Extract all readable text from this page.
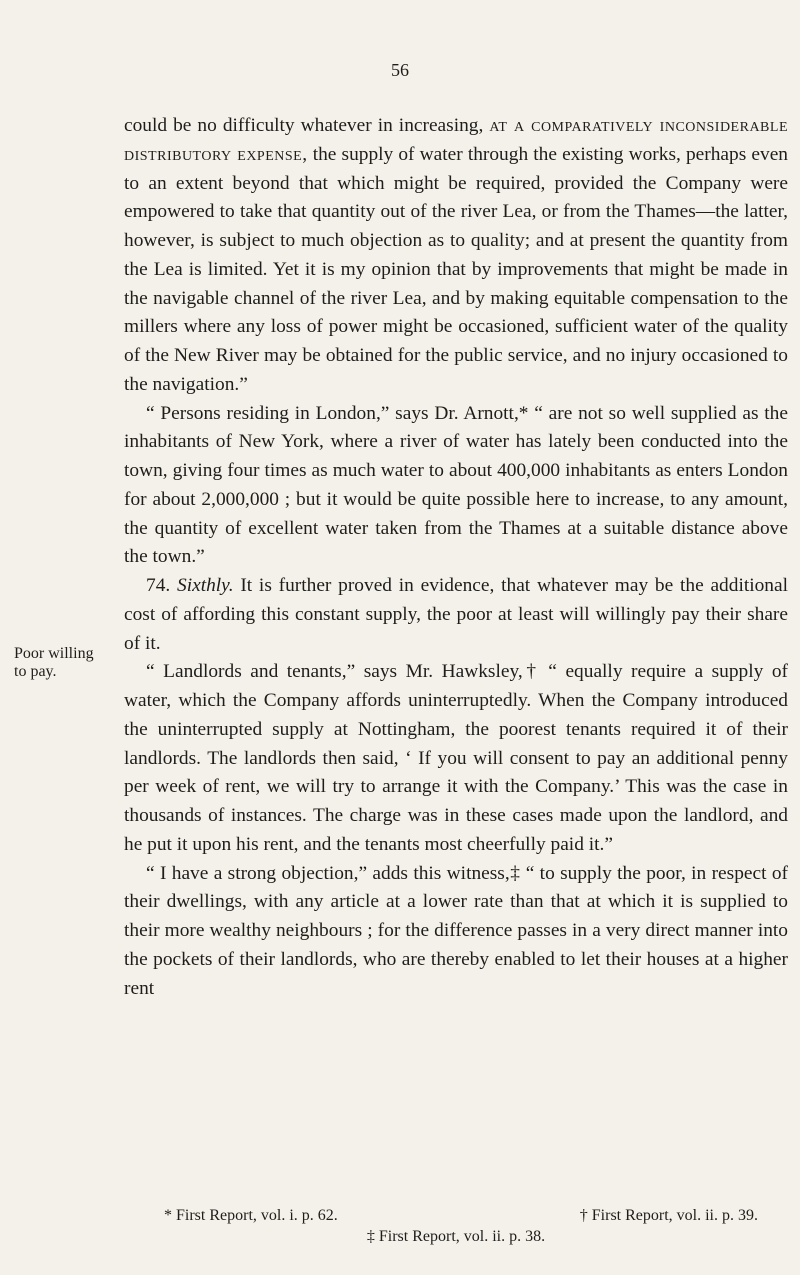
56
Poor willing
to pay.

could be no difficulty whatever in increasing, at a comparatively inconsiderable distributory expense, the supply of water through the existing works, perhaps even to an extent beyond that which might be required, provided the Company were empowered to take that quantity out of the river Lea, or from the Thames—the latter, however, is subject to much objection as to quality; and at present the quantity from the Lea is limited. Yet it is my opinion that by improvements that might be made in the navigable channel of the river Lea, and by making equitable compensation to the millers where any loss of power might be occasioned, sufficient water of the quality of the New River may be obtained for the public service, and no injury occasioned to the navigation.”

“ Persons residing in London,” says Dr. Arnott,* “ are not so well supplied as the inhabitants of New York, where a river of water has lately been conducted into the town, giving four times as much water to about 400,000 inhabitants as enters London for about 2,000,000 ; but it would be quite possible here to increase, to any amount, the quantity of excellent water taken from the Thames at a suitable distance above the town.”

74. Sixthly. It is further proved in evidence, that whatever may be the additional cost of affording this constant supply, the poor at least will willingly pay their share of it.

“ Landlords and tenants,” says Mr. Hawksley,† “ equally require a supply of water, which the Company affords uninterruptedly. When the Company introduced the uninterrupted supply at Nottingham, the poorest tenants required it of their landlords. The landlords then said, ‘ If you will consent to pay an additional penny per week of rent, we will try to arrange it with the Company.’ This was the case in thousands of instances. The charge was in these cases made upon the landlord, and he put it upon his rent, and the tenants most cheerfully paid it.”

“ I have a strong objection,” adds this witness,‡ “ to supply the poor, in respect of their dwellings, with any article at a lower rate than that at which it is supplied to their more wealthy neighbours ; for the difference passes in a very direct manner into the pockets of their landlords, who are thereby enabled to let their houses at a higher rent

* First Report, vol. i. p. 62.	† First Report, vol. ii. p. 39.
‡ First Report, vol. ii. p. 38.
